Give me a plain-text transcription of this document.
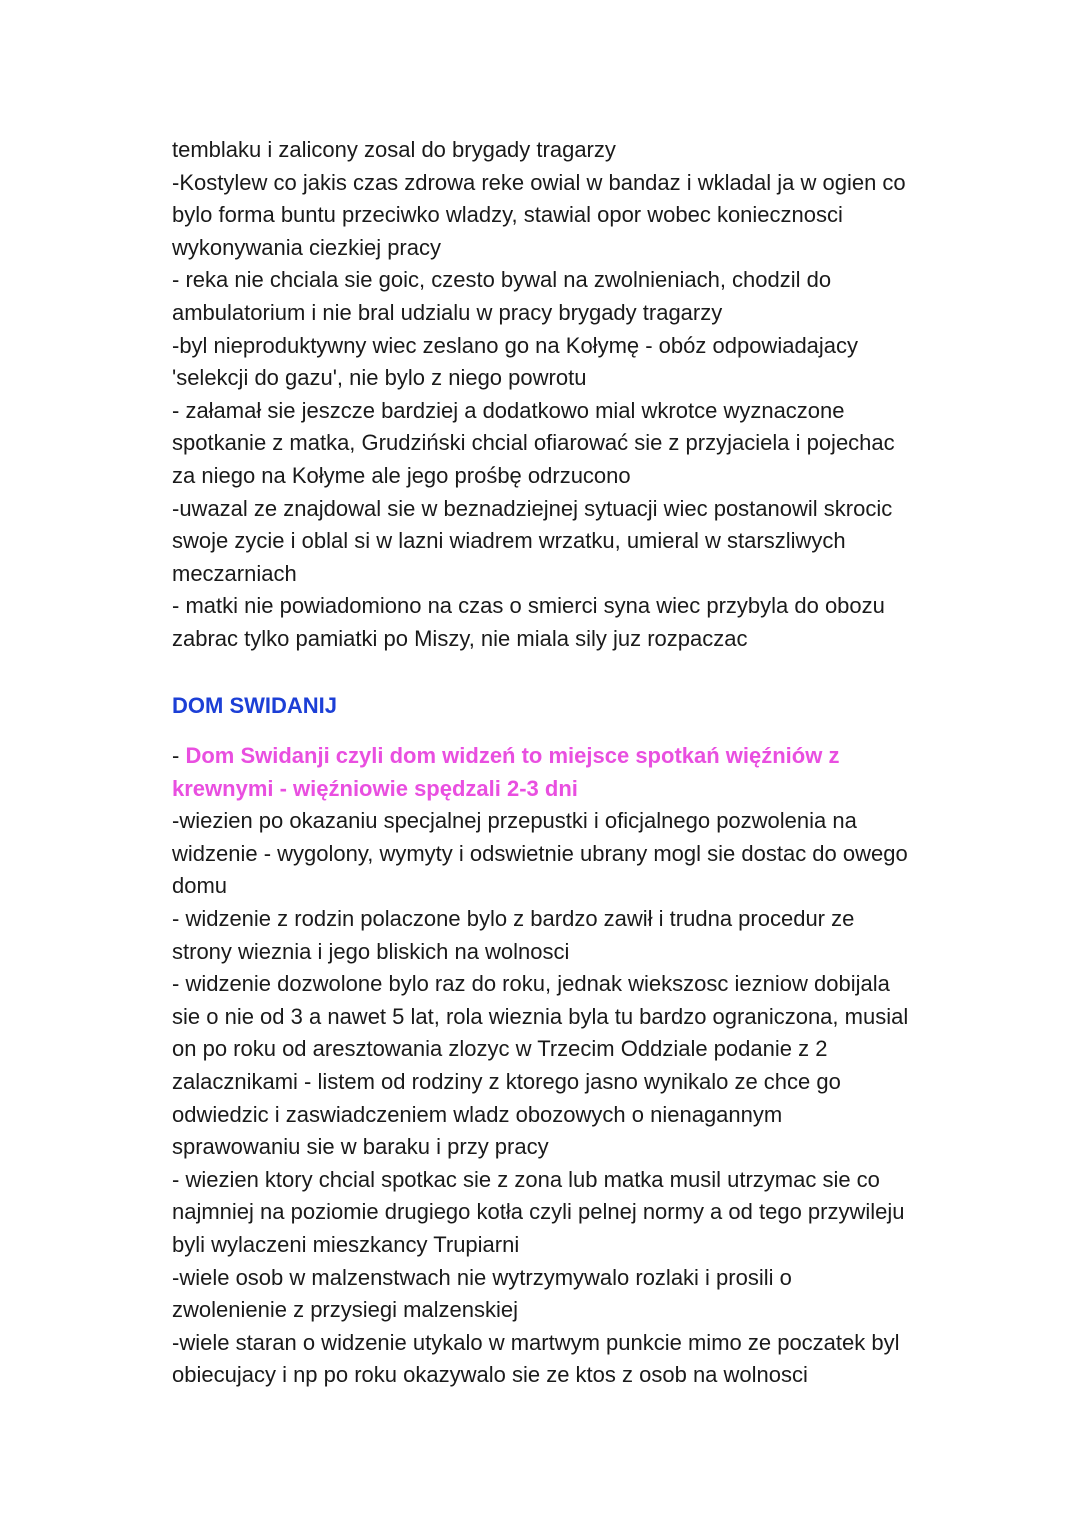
temblaku i zalicony zosal do brygady tragarzy

-Kostylew co jakis czas zdrowa reke owial w bandaz i wkladal ja w ogien co bylo forma buntu przeciwko wladzy, stawial opor wobec koniecznosci wykonywania ciezkiej pracy

- reka nie chciala sie goic, czesto bywal na zwolnieniach, chodzil do ambulatorium i nie bral udzialu w pracy brygady tragarzy

-byl nieproduktywny wiec zeslano go na Kołymę - obóz odpowiadajacy 'selekcji do gazu', nie bylo z niego powrotu

- załamał sie jeszcze bardziej a dodatkowo mial wkrotce wyznaczone spotkanie z matka, Grudziński chcial ofiarować sie z przyjaciela i pojechac za niego na Kołyme ale jego prośbę odrzucono

-uwazal ze znajdowal sie w beznadziejnej sytuacji wiec postanowil skrocic swoje zycie i oblal si w lazni wiadrem wrzatku, umieral w starszliwych meczarniach

- matki nie powiadomiono na czas o smierci syna wiec przybyla do obozu zabrac tylko pamiatki po Miszy, nie miala sily juz rozpaczac

DOM SWIDANIJ

- Dom Swidanji czyli dom widzeń to miejsce spotkań więźniów z krewnymi - więźniowie spędzali 2-3 dni

-wiezien po okazaniu specjalnej przepustki i oficjalnego pozwolenia na widzenie - wygolony, wymyty i odswietnie ubrany mogl sie dostac do owego domu

- widzenie z rodzin polaczone bylo z bardzo zawił i trudna procedur ze strony wieznia i jego bliskich na wolnosci

- widzenie dozwolone bylo raz do roku, jednak wiekszosc iezniow dobijala sie o nie od 3 a nawet 5 lat, rola wieznia byla tu bardzo ograniczona, musial on po roku od aresztowania zlozyc w Trzecim Oddziale podanie z 2 zalacznikami - listem od rodziny z ktorego jasno wynikalo ze chce go odwiedzic i zaswiadczeniem wladz obozowych o nienagannym sprawowaniu sie w baraku i przy pracy

- wiezien ktory chcial spotkac sie z zona lub matka musil utrzymac sie co najmniej na poziomie drugiego kotła czyli pelnej normy a od tego przywileju byli wylaczeni mieszkancy Trupiarni

-wiele osob w malzenstwach nie wytrzymywalo rozlaki i prosili o zwolenienie z przysiegi malzenskiej

-wiele staran o widzenie utykalo w martwym punkcie mimo ze poczatek byl obiecujacy i np po roku okazywalo sie ze ktos z osob na wolnosci
